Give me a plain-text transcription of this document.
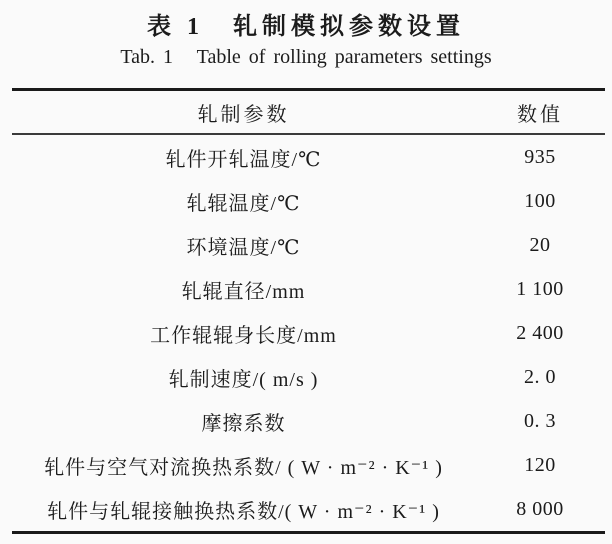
表 1　轧制模拟参数设置
Tab. 1   Table of rolling parameters settings
轧制参数	数值
轧件开轧温度/℃	935
轧辊温度/℃	100
环境温度/℃	20
轧辊直径/mm	1 100
工作辊辊身长度/mm	2 400
轧制速度/( m/s )	2. 0
摩擦系数	0. 3
轧件与空气对流换热系数/ ( W · m⁻² · K⁻¹ )	120
轧件与轧辊接触换热系数/( W · m⁻² · K⁻¹ )	8 000
